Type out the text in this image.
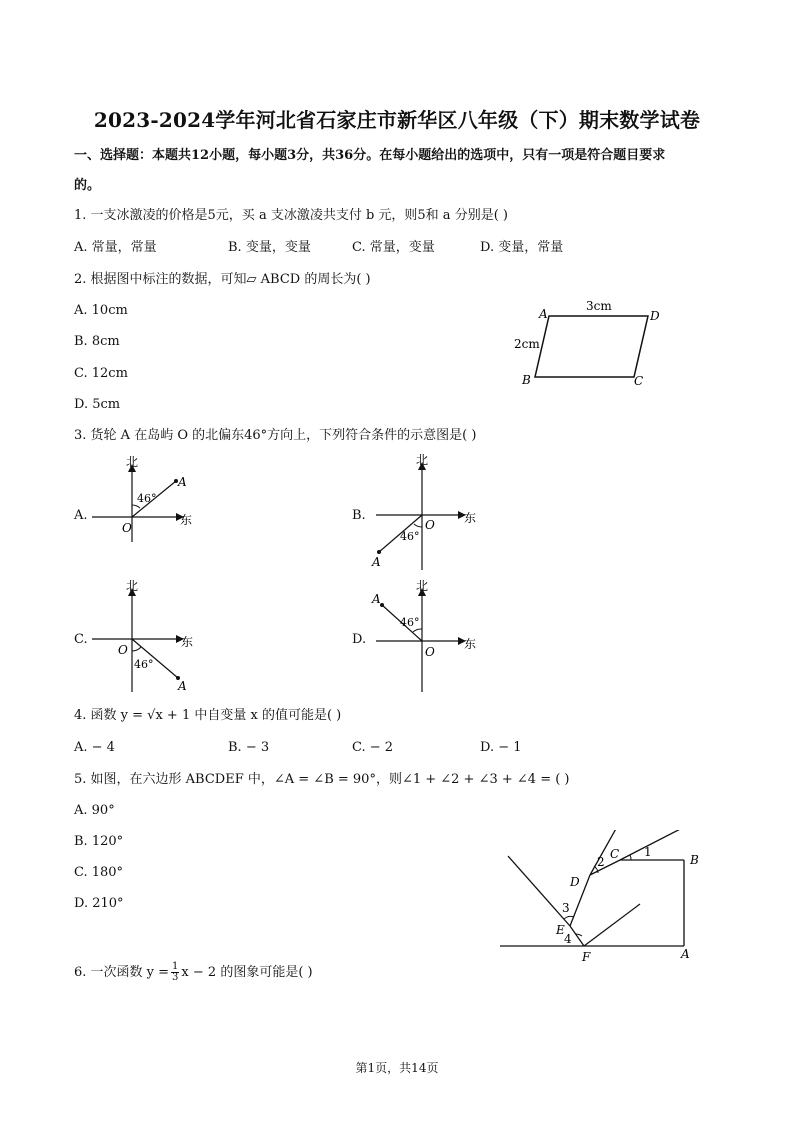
2023-2024学年河北省石家庄市新华区八年级（下）期末数学试卷
一、选择题：本题共12小题，每小题3分，共36分。在每小题给出的选项中，只有一项是符合题目要求
的。
1. 一支冰激凌的价格是5元，买 a 支冰激凌共支付 b 元，则5和 a 分别是( )
A. 常量，常量	B. 变量，变量	C. 常量，变量	D. 变量，常量
2. 根据图中标注的数据，可知▱ ABCD 的周长为( )
A. 10cm
B. 8cm
C. 12cm
D. 5cm
A	D
B	C
3cm
2cm
3. 货轮 A 在岛屿 O 的北偏东46°方向上，下列符合条件的示意图是( )
A.
北
东
O
A
46°
B.
北
东
O
A
46°
C.
北
东
O
A
46°
D.
北
东
O
A
46°
4. 函数 y = √x + 1 中自变量 x 的值可能是( )
A. − 4	B. − 3	C. − 2	D. − 1
5. 如图，在六边形 ABCDEF 中，∠A = ∠B = 90°，则∠1 + ∠2 + ∠3 + ∠4 = ( )
A. 90°
B. 120°
C. 180°
D. 210°
1
2
3
4
C	B
D
E
F	A
6. 一次函数 $y = \frac{1}{3}$ x − 2 的图象可能是( )
第1页，共14页
